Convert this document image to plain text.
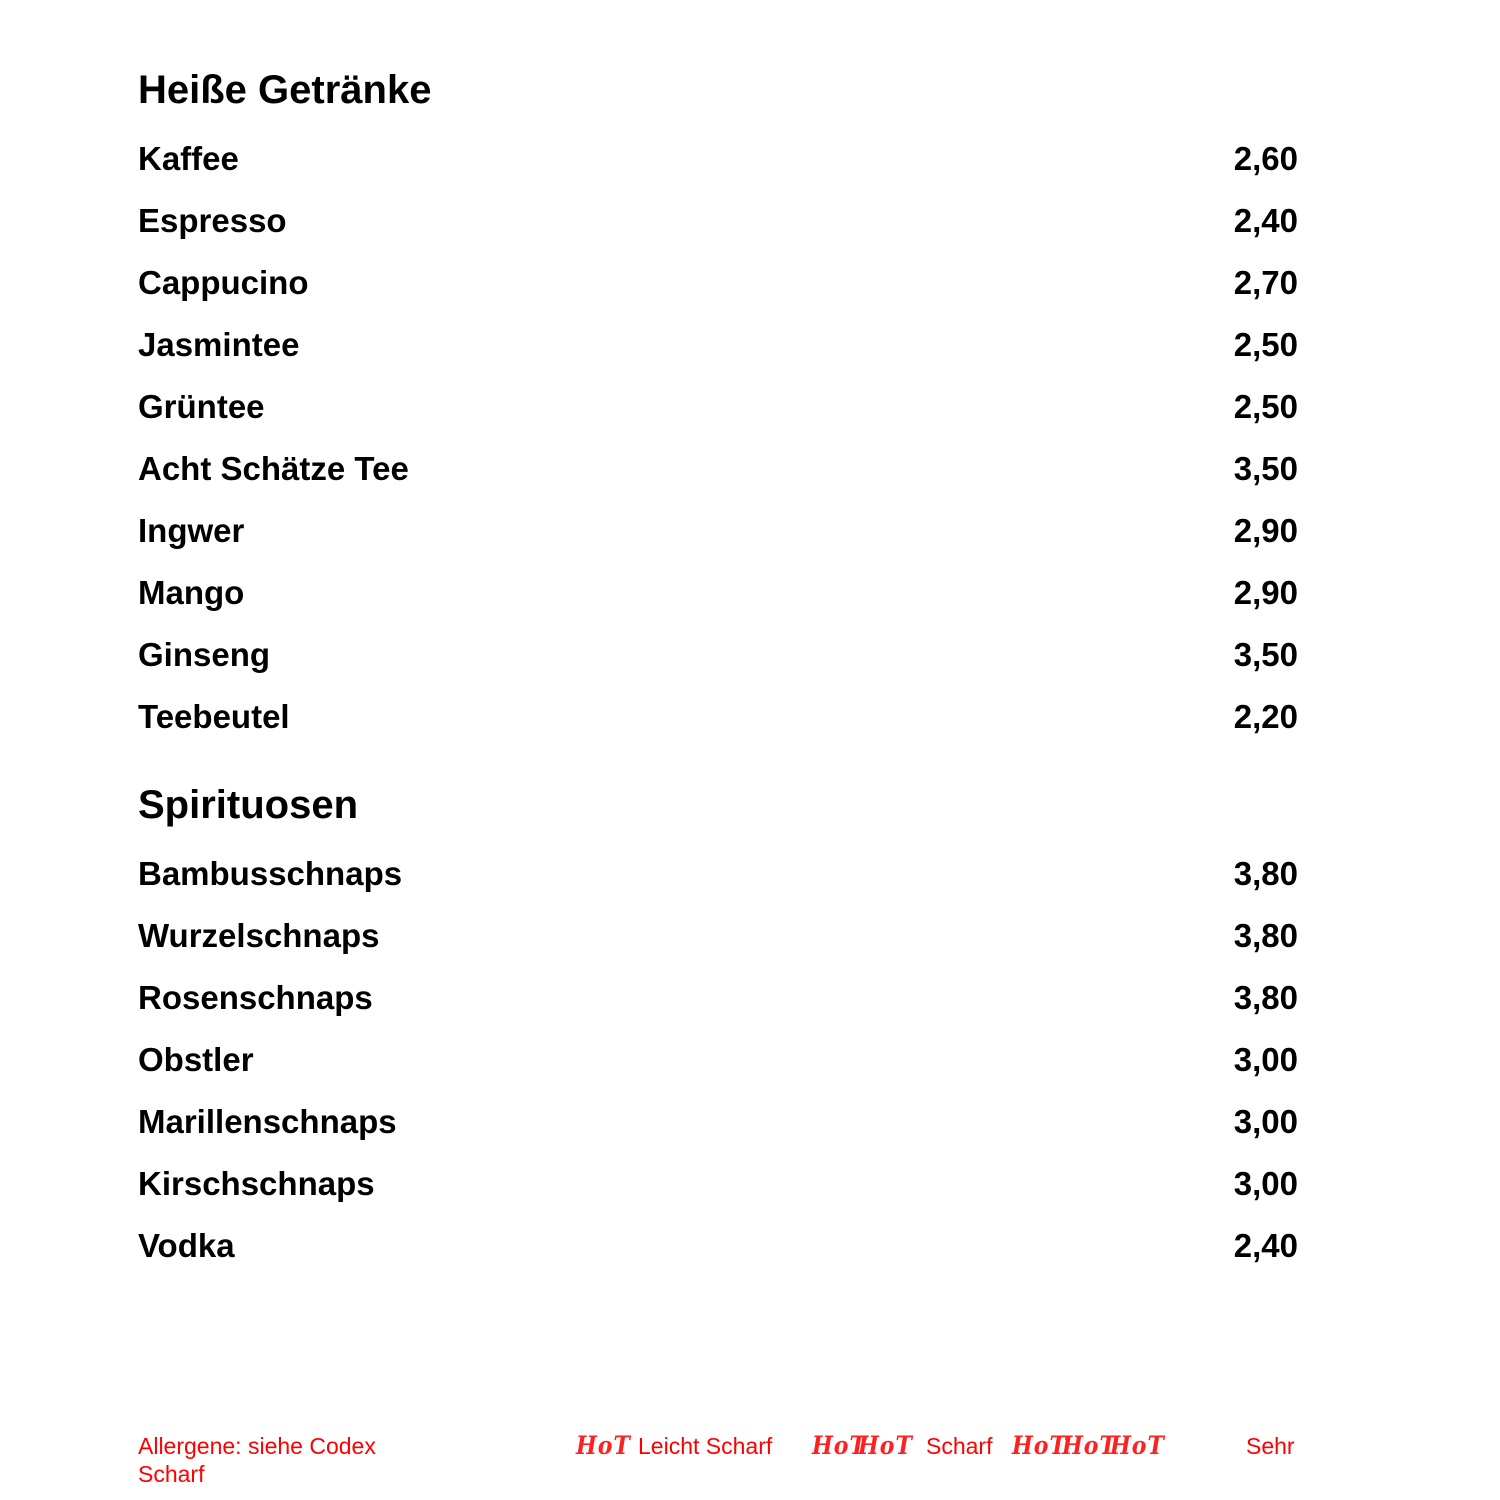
Heiße Getränke
Kaffee	2,60
Espresso	2,40
Cappucino	2,70
Jasmintee	2,50
Grüntee	2,50
Acht Schätze Tee	3,50
Ingwer	2,90
Mango	2,90
Ginseng	3,50
Teebeutel	2,20
Spirituosen
Bambusschnaps	3,80
Wurzelschnaps	3,80
Rosenschnaps	3,80
Obstler	3,00
Marillenschnaps	3,00
Kirschschnaps	3,00
Vodka	2,40
Allergene: siehe Codex
Scharf
HoT Leicht Scharf HoT
HoT Scharf HoT
HoT
HoT	Sehr
